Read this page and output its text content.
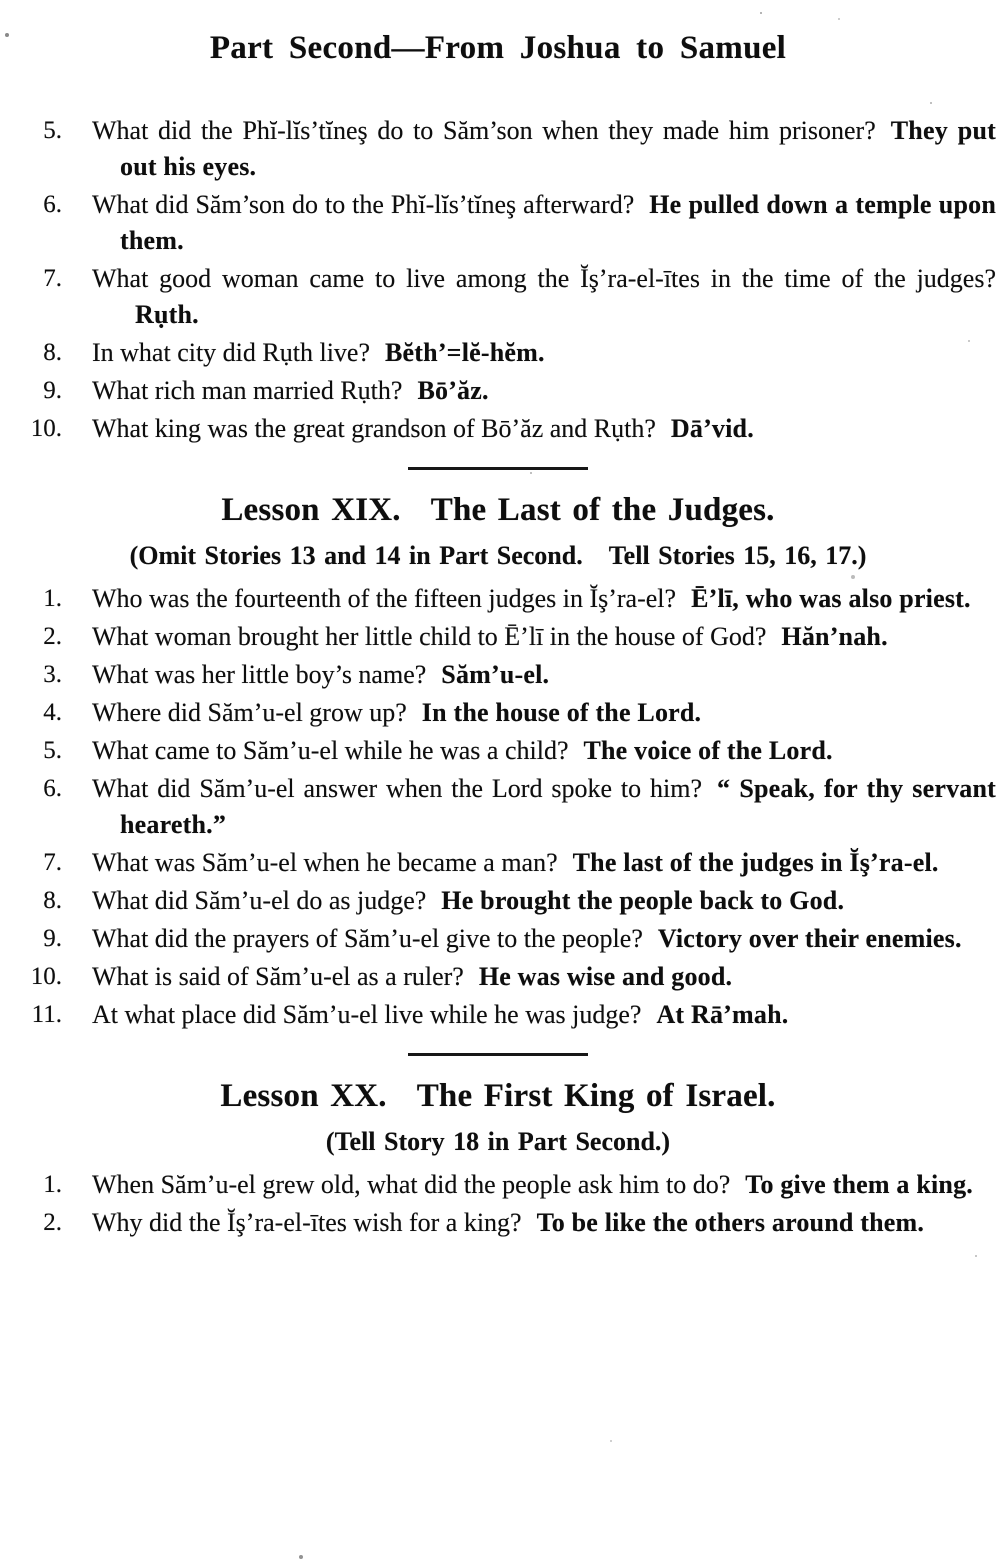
Part Second—From Joshua to Samuel
5. What did the Phĭ-lĭs’tĭneş do to Săm’son when they made him prisoner? They put out his eyes.
6. What did Săm’son do to the Phĭ-lĭs’tĭneş afterward? He pulled down a temple upon them.
7. What good woman came to live among the Ĭş’ra-el-ītes in the time of the judges?Rụth.
8. In what city did Rụth live? Bĕth’=lĕ-hĕm.
9. What rich man married Rụth? Bō’ăz.
10. What king was the great grandson of Bō’ăz and Rụth? Dā’vid.
Lesson XIX. The Last of the Judges.

(Omit Stories 13 and 14 in Part Second. Tell Stories 15, 16, 17.)

1. Who was the fourteenth of the fifteen judges in Ĭş’ra-el? Ē’lī, who was also priest.
2. What woman brought her little child to Ē’lī in the house of God? Hăn’nah.
3. What was her little boy’s name? Săm’u-el.
4. Where did Săm’u-el grow up? In the house of the Lord.
5. What came to Săm’u-el while he was a child? The voice of the Lord.
6. What did Săm’u-el answer when the Lord spoke to him? “ Speak, for thy servant heareth.”
7. What was Săm’u-el when he became a man? The last of the judges in Ĭş’ra-el.
8. What did Săm’u-el do as judge? He brought the people back to God.
9. What did the prayers of Săm’u-el give to the people? Victory over their enemies.
10. What is said of Săm’u-el as a ruler? He was wise and good.
11. At what place did Săm’u-el live while he was judge? At Rā’mah.
Lesson XX. The First King of Israel.

(Tell Story 18 in Part Second.)

1. When Săm’u-el grew old, what did the people ask him to do? To give them a king.
2. Why did the Ĭş’ra-el-ītes wish for a king? To be like the others around them.
